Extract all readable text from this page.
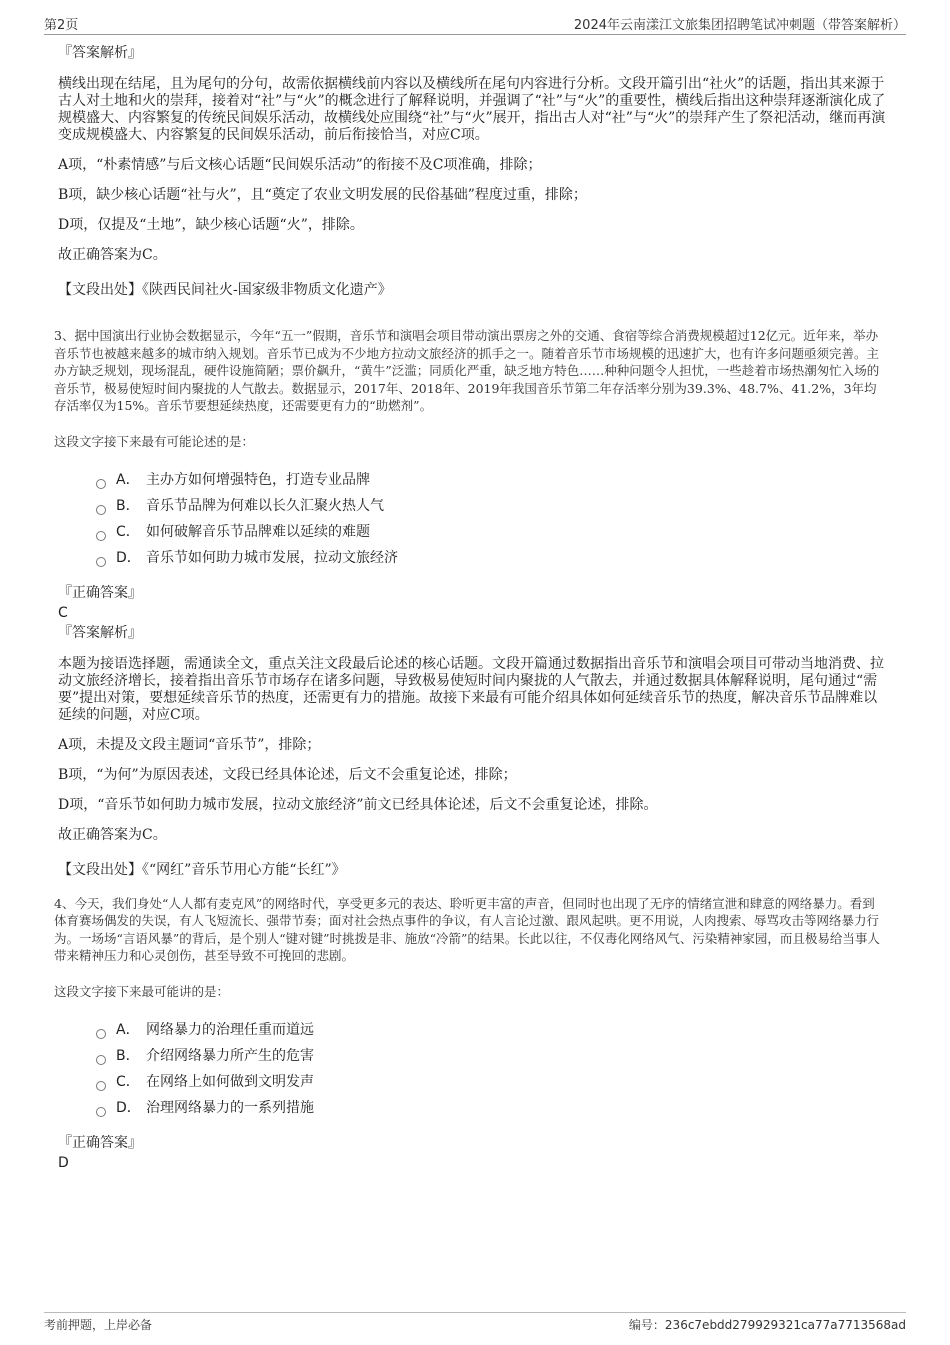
第2页	2024年云南漾江文旅集团招聘笔试冲刺题（带答案解析）
『答案解析』

横线出现在结尾，且为尾句的分句，故需依据横线前内容以及横线所在尾句内容进行分析。文段开篇引出“社火”的话题，指出其来源于古人对土地和火的崇拜，接着对“社”与“火”的概念进行了解释说明，并强调了“社”与“火”的重要性，横线后指出这种崇拜逐渐演化成了规模盛大、内容繁复的传统民间娱乐活动，故横线处应围绕“社”与“火”展开，指出古人对“社”与“火”的崇拜产生了祭祀活动，继而再演变成规模盛大、内容繁复的民间娱乐活动，前后衔接恰当，对应C项。

A项，“朴素情感”与后文核心话题“民间娱乐活动”的衔接不及C项准确，排除；

B项，缺少核心话题“社与火”，且“奠定了农业文明发展的民俗基础”程度过重，排除；

D项，仅提及“土地”，缺少核心话题“火”，排除。

故正确答案为C。

【文段出处】《陕西民间社火-国家级非物质文化遗产》

3、据中国演出行业协会数据显示，今年“五一”假期，音乐节和演唱会项目带动演出票房之外的交通、食宿等综合消费规模超过12亿元。近年来，举办音乐节也被越来越多的城市纳入规划。音乐节已成为不少地方拉动文旅经济的抓手之一。随着音乐节市场规模的迅速扩大，也有许多问题亟须完善。主办方缺乏规划，现场混乱，硬件设施简陋；票价飙升，“黄牛”泛滥；同质化严重，缺乏地方特色……种种问题令人担忧，一些趁着市场热潮匆忙入场的音乐节，极易使短时间内聚拢的人气散去。数据显示，2017年、2018年、2019年我国音乐节第二年存活率分别为39.3%、48.7%、41.2%，3年均存活率仅为15%。音乐节要想延续热度，还需要更有力的“助燃剂”。
这段文字接下来最有可能论述的是：
A． 主办方如何增强特色，打造专业品牌
B． 音乐节品牌为何难以长久汇聚火热人气
C． 如何破解音乐节品牌难以延续的难题
D． 音乐节如何助力城市发展，拉动文旅经济
『正确答案』
C
『答案解析』

本题为接语选择题，需通读全文，重点关注文段最后论述的核心话题。文段开篇通过数据指出音乐节和演唱会项目可带动当地消费、拉动文旅经济增长，接着指出音乐节市场存在诸多问题，导致极易使短时间内聚拢的人气散去，并通过数据具体解释说明，尾句通过“需要”提出对策，要想延续音乐节的热度，还需更有力的措施。故接下来最有可能介绍具体如何延续音乐节的热度，解决音乐节品牌难以延续的问题，对应C项。

A项，未提及文段主题词“音乐节”，排除；

B项，“为何”为原因表述，文段已经具体论述，后文不会重复论述，排除；

D项，“音乐节如何助力城市发展，拉动文旅经济”前文已经具体论述，后文不会重复论述，排除。

故正确答案为C。

【文段出处】《“网红”音乐节用心方能“长红”》

4、今天，我们身处“人人都有麦克风”的网络时代，享受更多元的表达、聆听更丰富的声音，但同时也出现了无序的情绪宣泄和肆意的网络暴力。看到体育赛场偶发的失误，有人飞短流长、强带节奏；面对社会热点事件的争议，有人言论过激、跟风起哄。更不用说，人肉搜索、辱骂攻击等网络暴力行为。一场场“言语风暴”的背后，是个别人“键对键”时挑拨是非、施放“冷箭”的结果。长此以往，不仅毒化网络风气、污染精神家园，而且极易给当事人带来精神压力和心灵创伤，甚至导致不可挽回的悲剧。
这段文字接下来最可能讲的是：
A． 网络暴力的治理任重而道远
B． 介绍网络暴力所产生的危害
C． 在网络上如何做到文明发声
D． 治理网络暴力的一系列措施
『正确答案』
D
考前押题，上岸必备	编号：236c7ebdd279929321ca77a7713568ad
